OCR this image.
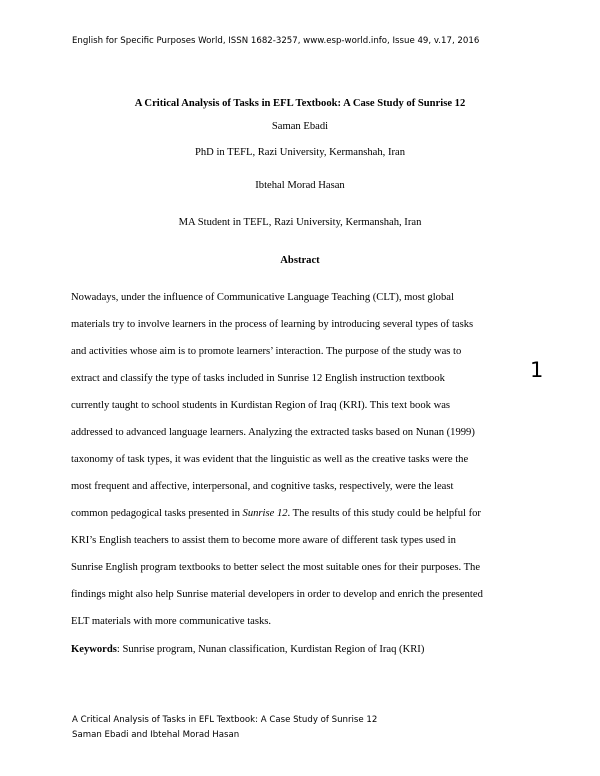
English for Specific Purposes World, ISSN 1682-3257, www.esp-world.info, Issue 49, v.17, 2016
A Critical Analysis of Tasks in EFL Textbook: A Case Study of Sunrise 12
Saman Ebadi
PhD in TEFL, Razi University, Kermanshah, Iran
Ibtehal Morad Hasan
MA Student in TEFL, Razi University, Kermanshah, Iran
Abstract
Nowadays, under the influence of Communicative Language Teaching (CLT), most global
materials try to involve learners in the process of learning by introducing several types of tasks
and activities whose aim is to promote learners’ interaction. The purpose of the study was to
extract and classify the type of tasks included in Sunrise 12 English instruction textbook
currently taught to school students in Kurdistan Region of Iraq (KRI). This text book was
addressed to advanced language learners. Analyzing the extracted tasks based on Nunan (1999)
taxonomy of task types, it was evident that the linguistic as well as the creative tasks were the
most frequent and affective, interpersonal, and cognitive tasks, respectively, were the least
common pedagogical tasks presented in Sunrise 12. The results of this study could be helpful for
KRI’s English teachers to assist them to become more aware of different task types used in
Sunrise English program textbooks to better select the most suitable ones for their purposes. The
findings might also help Sunrise material developers in order to develop and enrich the presented
ELT materials with more communicative tasks.
Keywords: Sunrise program, Nunan classification, Kurdistan Region of Iraq (KRI)
1
A Critical Analysis of Tasks in EFL Textbook: A Case Study of Sunrise 12
Saman Ebadi and Ibtehal Morad Hasan
